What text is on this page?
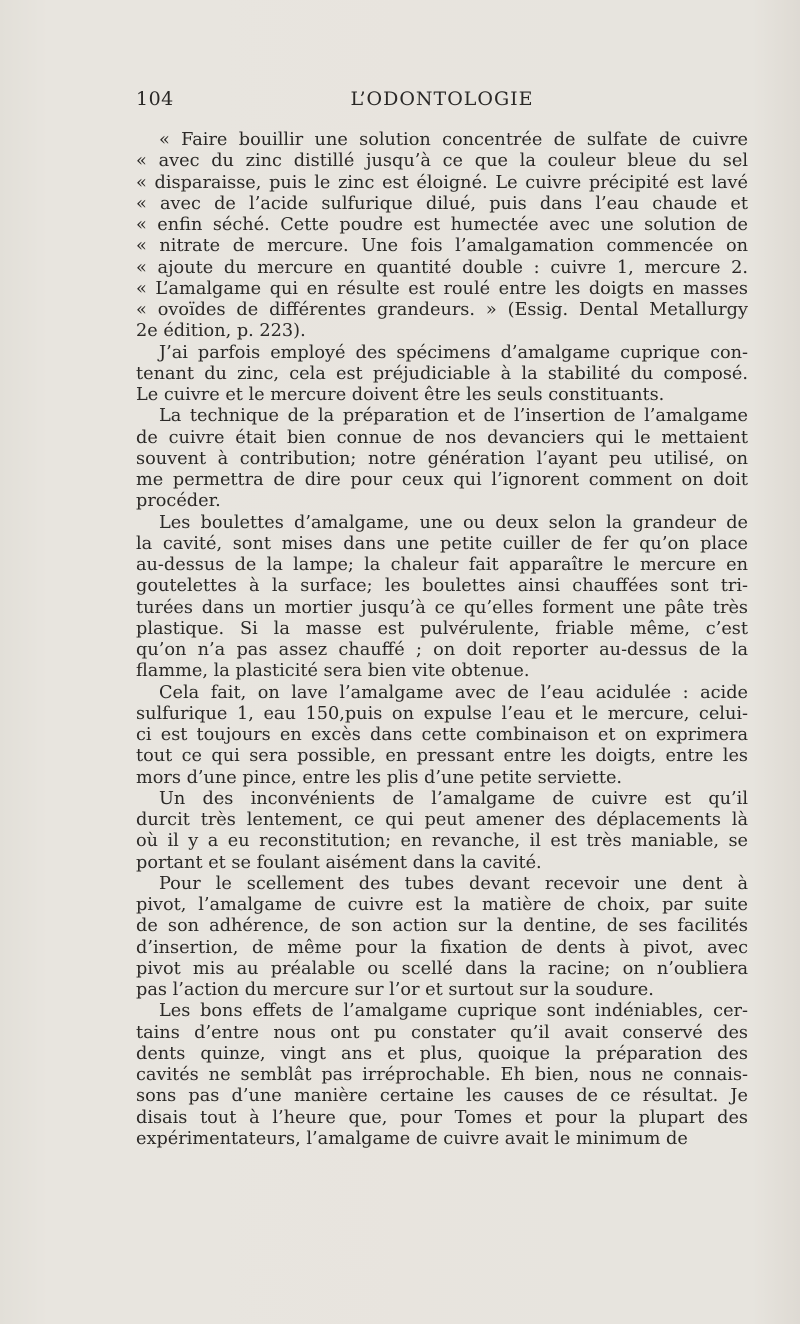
104	L’ODONTOLOGIE

« Faire bouillir une solution concentrée de sulfate de cuivre
« avec du zinc distillé jusqu’à ce que la couleur bleue du sel
« disparaisse, puis le zinc est éloigné. Le cuivre précipité est lavé
« avec de l’acide sulfurique dilué, puis dans l’eau chaude et
« enfin séché. Cette poudre est humectée avec une solution de
« nitrate de mercure. Une fois l’amalgamation commencée on
« ajoute du mercure en quantité double : cuivre 1, mercure 2.
« L’amalgame qui en résulte est roulé entre les doigts en masses
« ovoïdes de différentes grandeurs. » (Essig. Dental Metallurgy
2e édition, p. 223).

J’ai parfois employé des spécimens d’amalgame cuprique con-
tenant du zinc, cela est préjudiciable à la stabilité du composé.
Le cuivre et le mercure doivent être les seuls constituants.

La technique de la préparation et de l’insertion de l’amalgame
de cuivre était bien connue de nos devanciers qui le mettaient
souvent à contribution; notre génération l’ayant peu utilisé, on
me permettra de dire pour ceux qui l’ignorent comment on doit
procéder.

Les boulettes d’amalgame, une ou deux selon la grandeur de
la cavité, sont mises dans une petite cuiller de fer qu’on place
au-dessus de la lampe; la chaleur fait apparaître le mercure en
goutelettes à la surface; les boulettes ainsi chauffées sont tri-
turées dans un mortier jusqu’à ce qu’elles forment une pâte très
plastique. Si la masse est pulvérulente, friable même, c’est
qu’on n’a pas assez chauffé ; on doit reporter au-dessus de la
flamme, la plasticité sera bien vite obtenue.

Cela fait, on lave l’amalgame avec de l’eau acidulée : acide
sulfurique 1, eau 150,puis on expulse l’eau et le mercure, celui-
ci est toujours en excès dans cette combinaison et on exprimera
tout ce qui sera possible, en pressant entre les doigts, entre les
mors d’une pince, entre les plis d’une petite serviette.

Un des inconvénients de l’amalgame de cuivre est qu’il
durcit très lentement, ce qui peut amener des déplacements là
où il y a eu reconstitution; en revanche, il est très maniable, se
portant et se foulant aisément dans la cavité.

Pour le scellement des tubes devant recevoir une dent à
pivot, l’amalgame de cuivre est la matière de choix, par suite
de son adhérence, de son action sur la dentine, de ses facilités
d’insertion, de même pour la fixation de dents à pivot, avec
pivot mis au préalable ou scellé dans la racine; on n’oubliera
pas l’action du mercure sur l’or et surtout sur la soudure.

Les bons effets de l’amalgame cuprique sont indéniables, cer-
tains d’entre nous ont pu constater qu’il avait conservé des
dents quinze, vingt ans et plus, quoique la préparation des
cavités ne semblât pas irréprochable. Eh bien, nous ne connais-
sons pas d’une manière certaine les causes de ce résultat. Je
disais tout à l’heure que, pour Tomes et pour la plupart des
expérimentateurs, l’amalgame de cuivre avait le minimum de
